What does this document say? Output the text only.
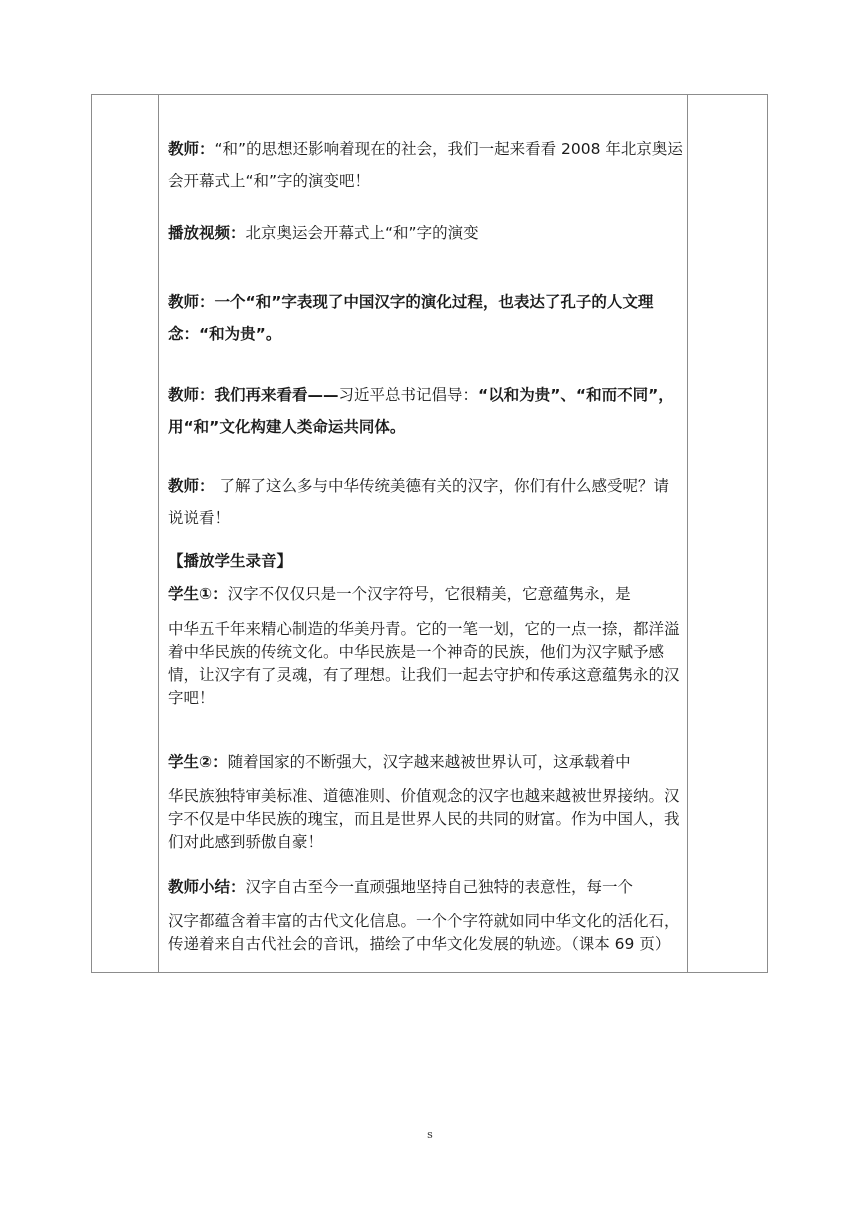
教师：“和”的思想还影响着现在的社会，我们一起来看看 2008 年北京奥运会开幕式上“和”字的演变吧！

播放视频：北京奥运会开幕式上“和”字的演变

教师：一个“和”字表现了中国汉字的演化过程，也表达了孔子的人文理念：“和为贵”。

教师：我们再来看看——习近平总书记倡导：“以和为贵”、“和而不同”，用“和”文化构建人类命运共同体。

教师： 了解了这么多与中华传统美德有关的汉字，你们有什么感受呢？请说说看！

【播放学生录音】

学生①：汉字不仅仅只是一个汉字符号，它很精美，它意蕴隽永，是

中华五千年来精心制造的华美丹青。它的一笔一划，它的一点一捺，都洋溢着中华民族的传统文化。中华民族是一个神奇的民族，他们为汉字赋予感情，让汉字有了灵魂，有了理想。让我们一起去守护和传承这意蕴隽永的汉字吧！

学生②：随着国家的不断强大，汉字越来越被世界认可，这承载着中

华民族独特审美标准、道德准则、价值观念的汉字也越来越被世界接纳。汉字不仅是中华民族的瑰宝，而且是世界人民的共同的财富。作为中国人，我们对此感到骄傲自豪！

教师小结：汉字自古至今一直顽强地坚持自己独特的表意性，每一个

汉字都蕴含着丰富的古代文化信息。一个个字符就如同中华文化的活化石，传递着来自古代社会的音讯，描绘了中华文化发展的轨迹。（课本 69 页）

s
